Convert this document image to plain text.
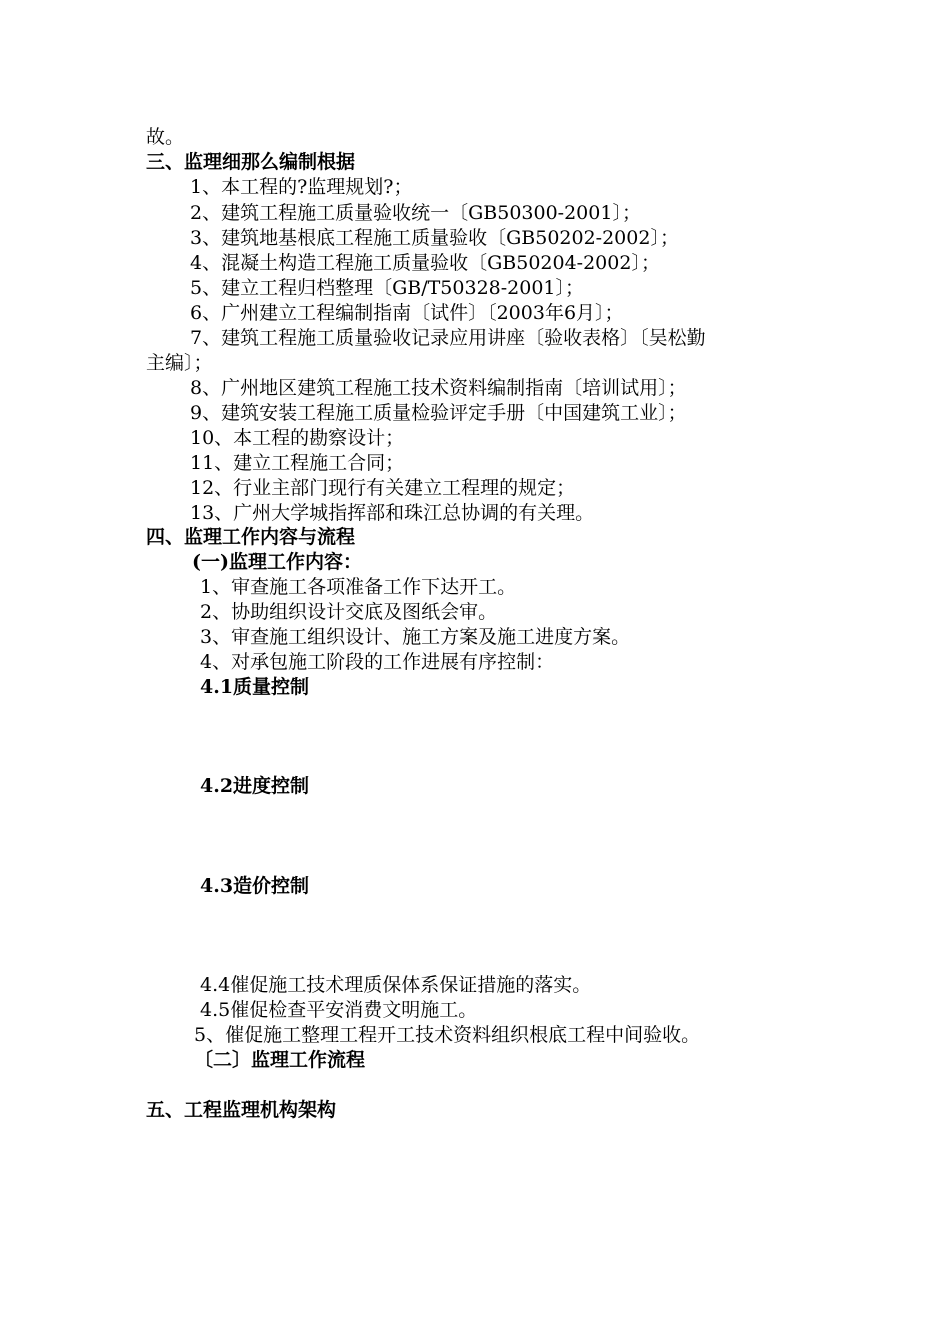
故。
三、监理细那么编制根据
1、本工程的?监理规划?；
2、建筑工程施工质量验收统一〔GB50300-2001〕；
3、建筑地基根底工程施工质量验收〔GB50202-2002〕；
4、混凝土构造工程施工质量验收〔GB50204-2002〕；
5、建立工程归档整理〔GB/T50328-2001〕；
6、广州建立工程编制指南〔试件〕〔2003年6月〕；
7、建筑工程施工质量验收记录应用讲座〔验收表格〕〔吴松勤
主编〕；
8、广州地区建筑工程施工技术资料编制指南〔培训试用〕；
9、建筑安装工程施工质量检验评定手册〔中国建筑工业〕；
10、本工程的勘察设计；
11、建立工程施工合同；
12、行业主部门现行有关建立工程理的规定；
13、广州大学城指挥部和珠江总协调的有关理。
四、监理工作内容与流程
(一)监理工作内容：
1、审查施工各项准备工作下达开工。
2、协助组织设计交底及图纸会审。
3、审查施工组织设计、施工方案及施工进度方案。
4、对承包施工阶段的工作进展有序控制：
4.1质量控制
4.2进度控制
4.3造价控制
4.4催促施工技术理质保体系保证措施的落实。
4.5催促检查平安消费文明施工。
5、催促施工整理工程开工技术资料组织根底工程中间验收。
〔二〕监理工作流程
五、工程监理机构架构
